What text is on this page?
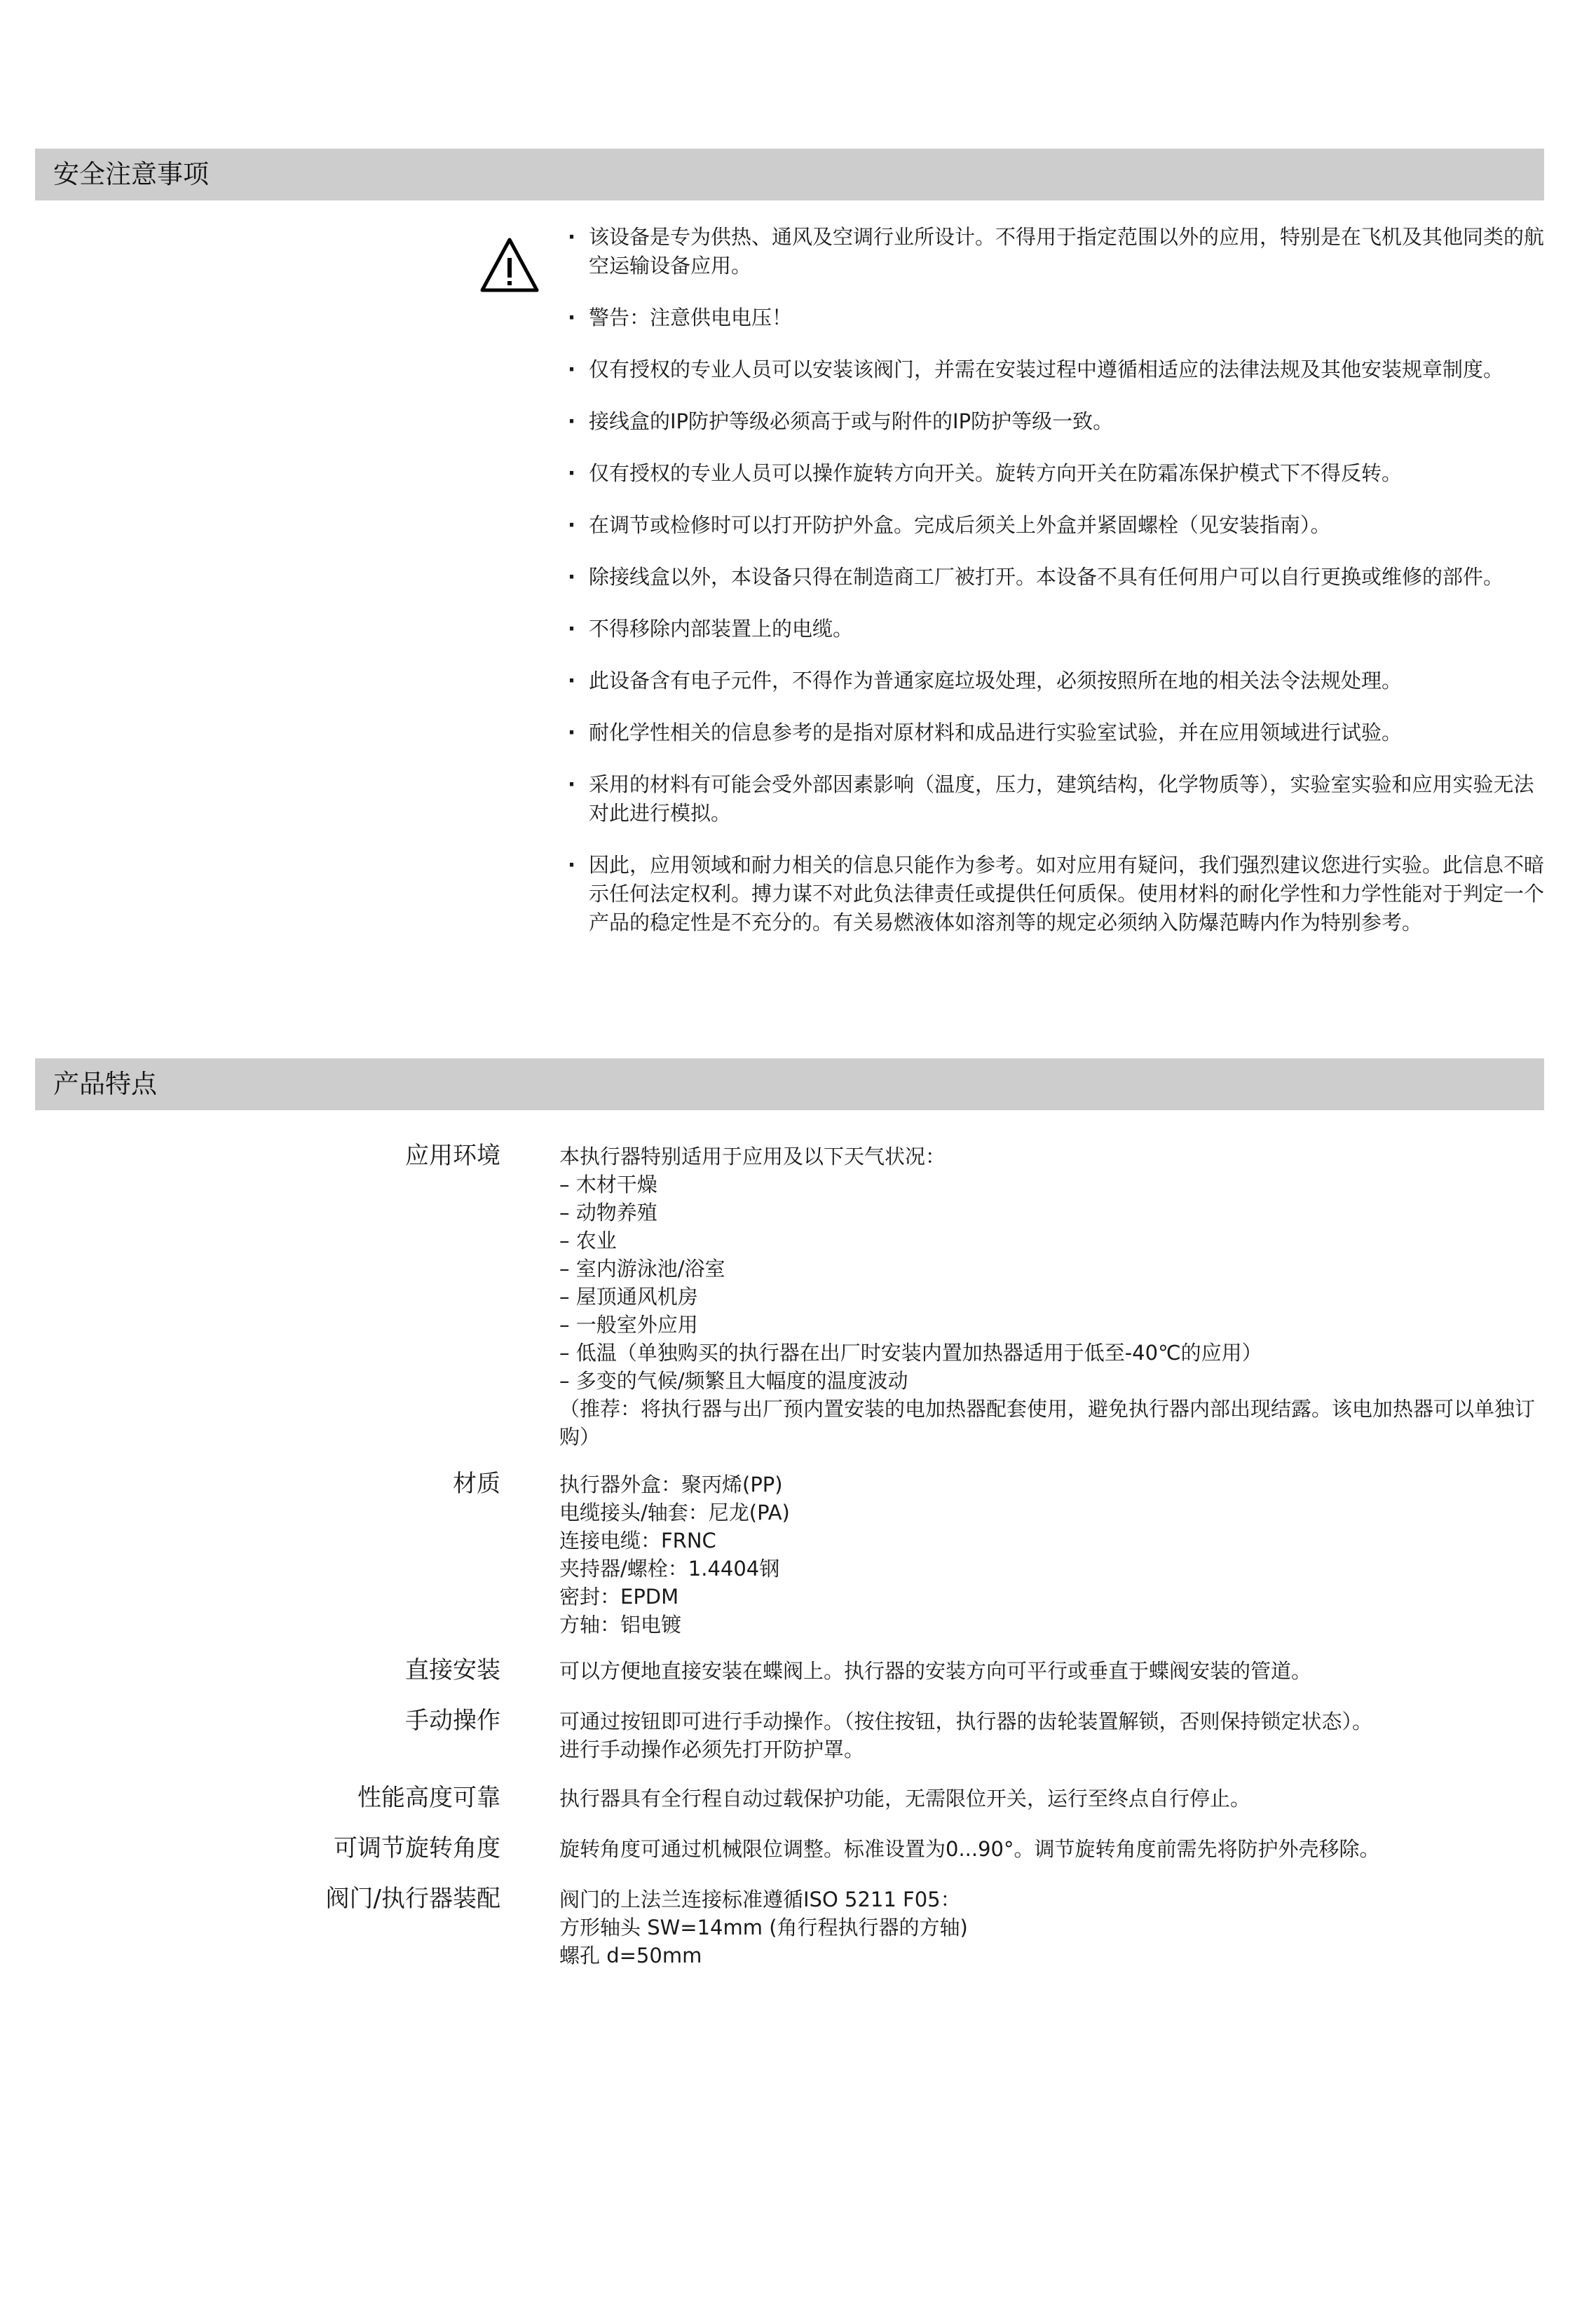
安全注意事项
· 该设备是专为供热、通风及空调行业所设计。不得用于指定范围以外的应用，特别是在飞机及其他同类的航空运输设备应用。
· 警告：注意供电电压！
· 仅有授权的专业人员可以安装该阀门，并需在安装过程中遵循相适应的法律法规及其他安装规章制度。
· 接线盒的IP防护等级必须高于或与附件的IP防护等级一致。
· 仅有授权的专业人员可以操作旋转方向开关。旋转方向开关在防霜冻保护模式下不得反转。
· 在调节或检修时可以打开防护外盒。完成后须关上外盒并紧固螺栓（见安装指南）。
· 除接线盒以外，本设备只得在制造商工厂被打开。本设备不具有任何用户可以自行更换或维修的部件。
· 不得移除内部装置上的电缆。
· 此设备含有电子元件，不得作为普通家庭垃圾处理，必须按照所在地的相关法令法规处理。
· 耐化学性相关的信息参考的是指对原材料和成品进行实验室试验，并在应用领域进行试验。
· 采用的材料有可能会受外部因素影响（温度，压力，建筑结构，化学物质等），实验室实验和应用实验无法对此进行模拟。
· 因此，应用领域和耐力相关的信息只能作为参考。如对应用有疑问，我们强烈建议您进行实验。此信息不暗示任何法定权利。搏力谋不对此负法律责任或提供任何质保。使用材料的耐化学性和力学性能对于判定一个产品的稳定性是不充分的。有关易燃液体如溶剂等的规定必须纳入防爆范畴内作为特别参考。
产品特点
应用环境	本执行器特别适用于应用及以下天气状况：
– 木材干燥
– 动物养殖
– 农业
– 室内游泳池/浴室
– 屋顶通风机房
– 一般室外应用
– 低温（单独购买的执行器在出厂时安装内置加热器适用于低至-40℃的应用）
– 多变的气候/频繁且大幅度的温度波动
（推荐：将执行器与出厂预内置安装的电加热器配套使用，避免执行器内部出现结露。该电加热器可以单独订购）
材质	执行器外盒：聚丙烯(PP)
电缆接头/轴套：尼龙(PA)
连接电缆：FRNC
夹持器/螺栓：1.4404钢
密封：EPDM
方轴：铝电镀
直接安装	可以方便地直接安装在蝶阀上。执行器的安装方向可平行或垂直于蝶阀安装的管道。
手动操作	可通过按钮即可进行手动操作。（按住按钮，执行器的齿轮装置解锁，否则保持锁定状态）。
进行手动操作必须先打开防护罩。
性能高度可靠	执行器具有全行程自动过载保护功能，无需限位开关，运行至终点自行停止。
可调节旋转角度	旋转角度可通过机械限位调整。标准设置为0...90°。调节旋转角度前需先将防护外壳移除。
阀门/执行器装配	阀门的上法兰连接标准遵循ISO 5211 F05：
方形轴头 SW=14mm (角行程执行器的方轴)
螺孔 d=50mm
